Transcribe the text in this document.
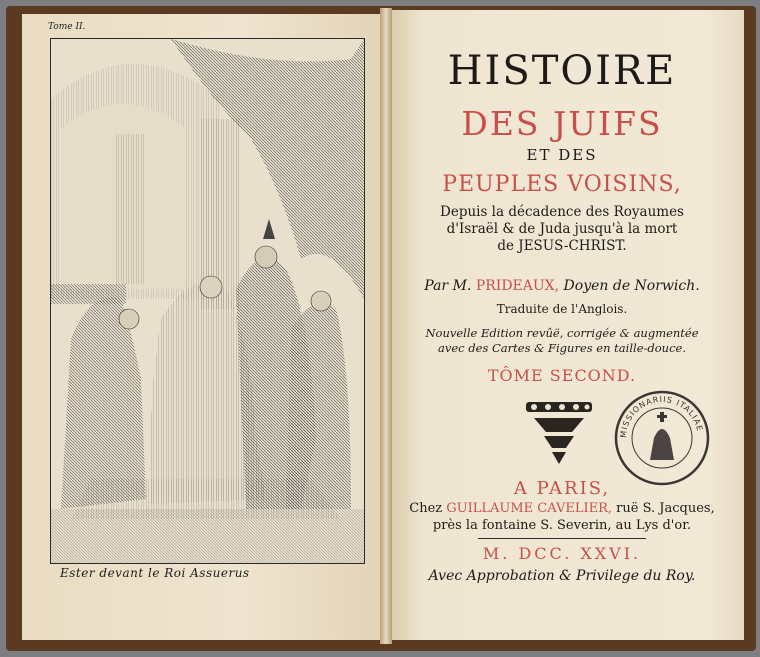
Tome II.
Ester devant le Roi Assuerus
HISTOIRE
DES JUIFS
ET DES
PEUPLES VOISINS,
Depuis la décadence des Royaumes
d'Israël & de Juda jusqu'à la mort
de JESUS-CHRIST.
Par M. PRIDEAUX, Doyen de Norwich.
Traduite de l'Anglois.
Nouvelle Edition revûë, corrigée & augmentée
avec des Cartes & Figures en taille-douce.
TÔME SECOND.
MISSIONARIIS ITALIAE
A PARIS,
Chez GUILLAUME CAVELIER, ruë S. Jacques,
près la fontaine S. Severin, au Lys d'or.
M. DCC. XXVI.
Avec Approbation & Privilege du Roy.
